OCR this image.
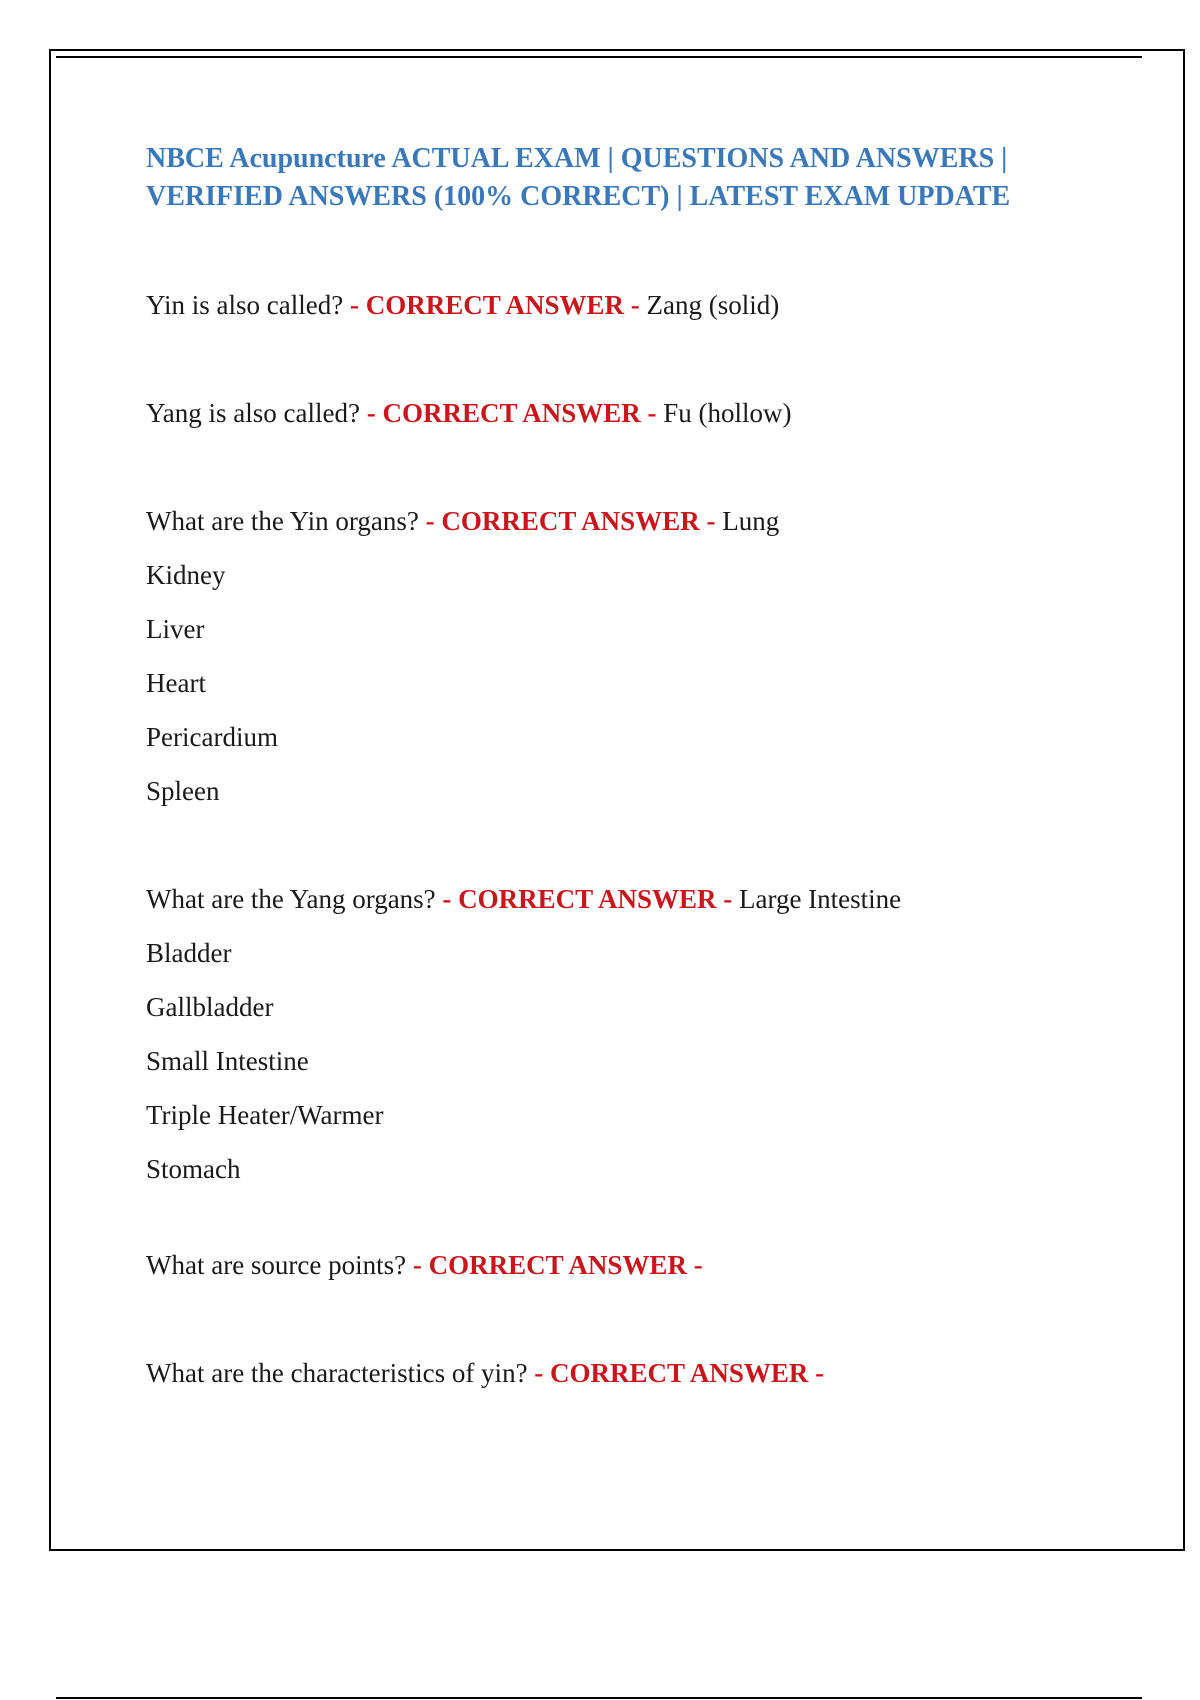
NBCE Acupuncture ACTUAL EXAM | QUESTIONS AND ANSWERS |
VERIFIED ANSWERS (100% CORRECT) | LATEST EXAM UPDATE
Yin is also called? - CORRECT ANSWER - Zang (solid)
Yang is also called? - CORRECT ANSWER - Fu (hollow)
What are the Yin organs? - CORRECT ANSWER - Lung
Kidney
Liver
Heart
Pericardium
Spleen
What are the Yang organs? - CORRECT ANSWER - Large Intestine
Bladder
Gallbladder
Small Intestine
Triple Heater/Warmer
Stomach
What are source points? - CORRECT ANSWER -
What are the characteristics of yin? - CORRECT ANSWER -
